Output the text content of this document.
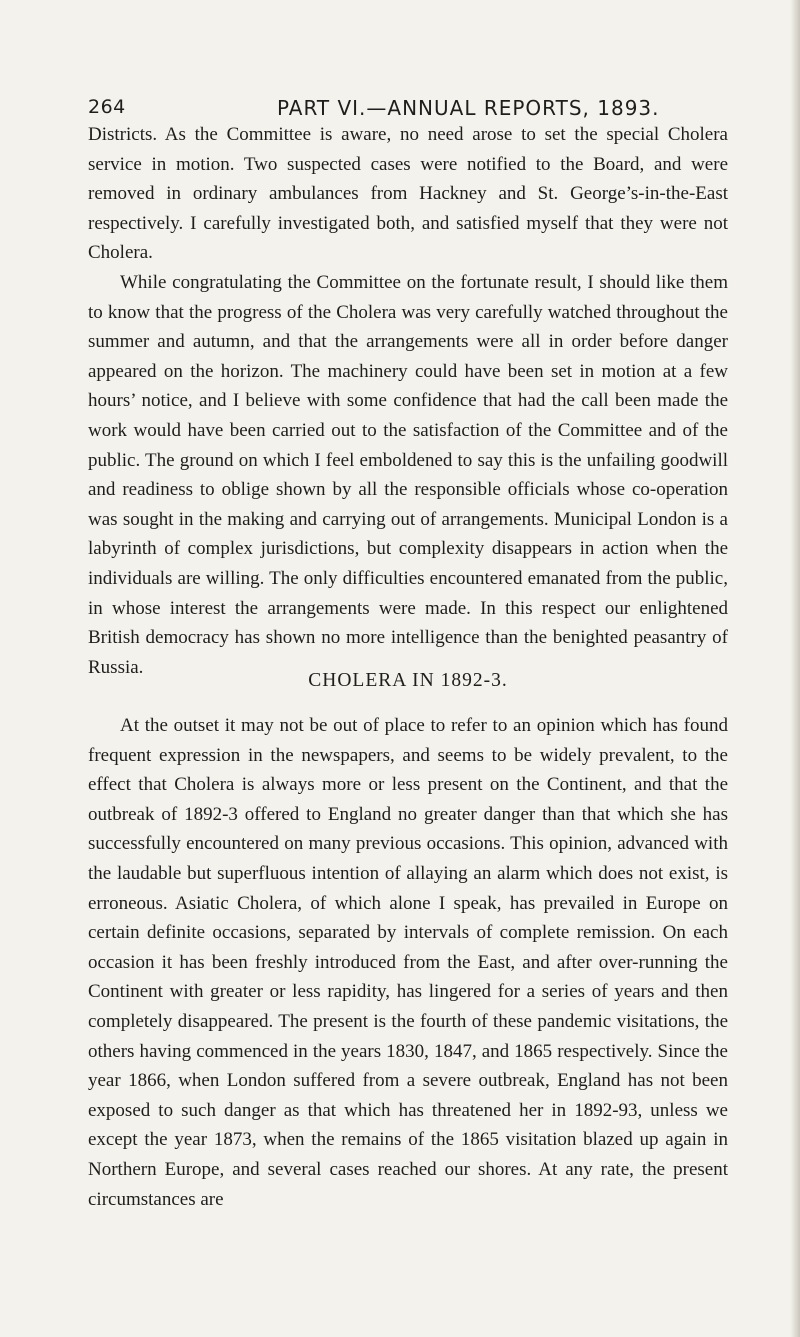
264	PART VI.—ANNUAL REPORTS, 1893.

Districts. As the Committee is aware, no need arose to set the special Cholera service in motion. Two suspected cases were notified to the Board, and were removed in ordinary ambulances from Hackney and St. George’s-in-the-East respectively. I carefully investigated both, and satisfied myself that they were not Cholera.

While congratulating the Committee on the fortunate result, I should like them to know that the progress of the Cholera was very carefully watched throughout the summer and autumn, and that the arrangements were all in order before danger appeared on the horizon. The machinery could have been set in motion at a few hours’ notice, and I believe with some confidence that had the call been made the work would have been carried out to the satisfaction of the Committee and of the public. The ground on which I feel emboldened to say this is the unfailing goodwill and readiness to oblige shown by all the responsible officials whose co-operation was sought in the making and carrying out of arrangements. Municipal London is a labyrinth of complex jurisdictions, but complexity disappears in action when the individuals are willing. The only difficulties encountered emanated from the public, in whose interest the arrangements were made. In this respect our enlightened British democracy has shown no more intelligence than the benighted peasantry of Russia.

CHOLERA IN 1892-3.

At the outset it may not be out of place to refer to an opinion which has found frequent expression in the newspapers, and seems to be widely prevalent, to the effect that Cholera is always more or less present on the Continent, and that the outbreak of 1892-3 offered to England no greater danger than that which she has successfully encountered on many previous occasions. This opinion, advanced with the laudable but superfluous intention of allaying an alarm which does not exist, is erroneous. Asiatic Cholera, of which alone I speak, has prevailed in Europe on certain definite occasions, separated by intervals of complete remission. On each occasion it has been freshly introduced from the East, and after over-running the Continent with greater or less rapidity, has lingered for a series of years and then completely disappeared. The present is the fourth of these pandemic visitations, the others having commenced in the years 1830, 1847, and 1865 respectively. Since the year 1866, when London suffered from a severe outbreak, England has not been exposed to such danger as that which has threatened her in 1892-93, unless we except the year 1873, when the remains of the 1865 visitation blazed up again in Northern Europe, and several cases reached our shores. At any rate, the present circumstances are
